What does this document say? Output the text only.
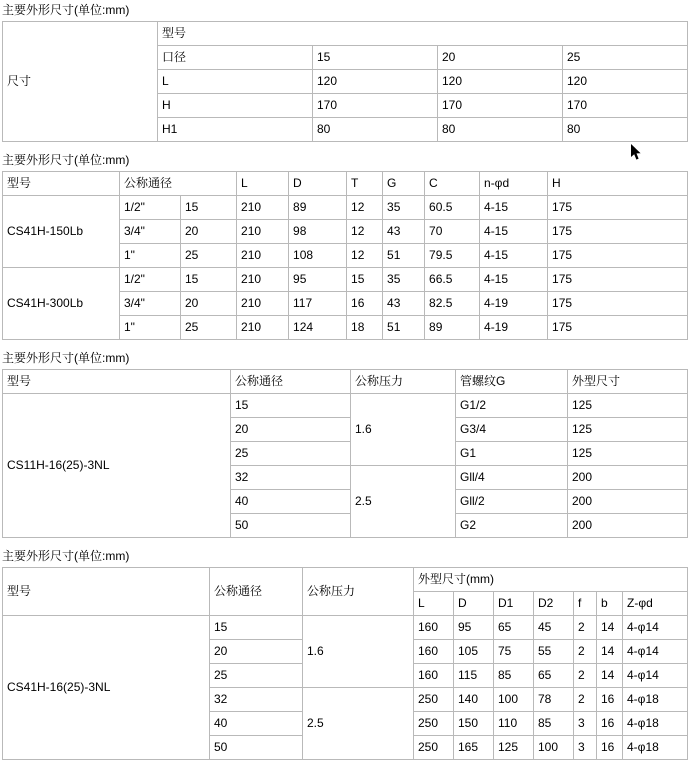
主要外形尺寸(单位:mm)
尺寸	型号			
	口径	15	20	25
	L	120	120	120
	H	170	170	170
	H1	80	80	80
主要外形尺寸(单位:mm)
型号	公称通径		L	D	T	G	C	n-φd	H
CS41H-150Lb	1/2"	15	210	89	12	35	60.5	4-15	175
	3/4"	20	210	98	12	43	70	4-15	175
	1"	25	210	108	12	51	79.5	4-15	175
CS41H-300Lb	1/2"	15	210	95	15	35	66.5	4-15	175
	3/4"	20	210	117	16	43	82.5	4-19	175
	1"	25	210	124	18	51	89	4-19	175
主要外形尺寸(单位:mm)
型号	公称通径	公称压力	管螺纹G	外型尺寸
CS11H-16(25)-3NL	15	1.6	G1/2	125
	20		G3/4	125
	25		G1	125
	32	2.5	Gll/4	200
	40		Gll/2	200
	50		G2	200
主要外形尺寸(单位:mm)
型号	公称通径	公称压力	外型尺寸(mm)						
			L	D	D1	D2	f	b	Z-φd
CS41H-16(25)-3NL	15	1.6	160	95	65	45	2	14	4-φ14
	20		160	105	75	55	2	14	4-φ14
	25		160	115	85	65	2	14	4-φ14
	32	2.5	250	140	100	78	2	16	4-φ18
	40		250	150	110	85	3	16	4-φ18
	50		250	165	125	100	3	16	4-φ18
